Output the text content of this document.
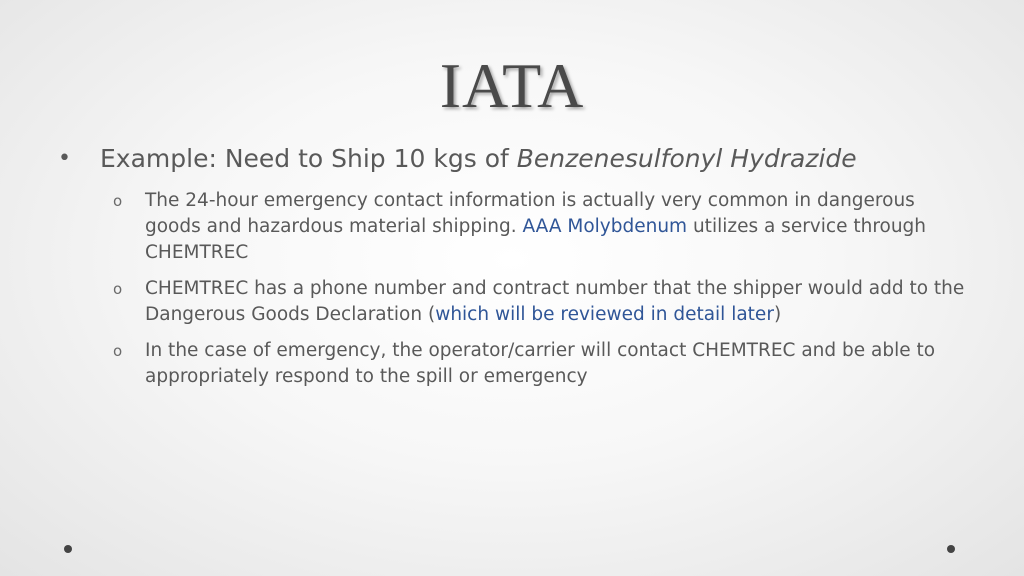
IATA
• Example: Need to Ship 10 kgs of Benzenesulfonyl Hydrazide
o The 24-hour emergency contact information is actually very common in dangerous
goods and hazardous material shipping. AAA Molybdenum utilizes a service through
CHEMTREC
o CHEMTREC has a phone number and contract number that the shipper would add to the
Dangerous Goods Declaration (which will be reviewed in detail later)
o In the case of emergency, the operator/carrier will contact CHEMTREC and be able to
appropriately respond to the spill or emergency
